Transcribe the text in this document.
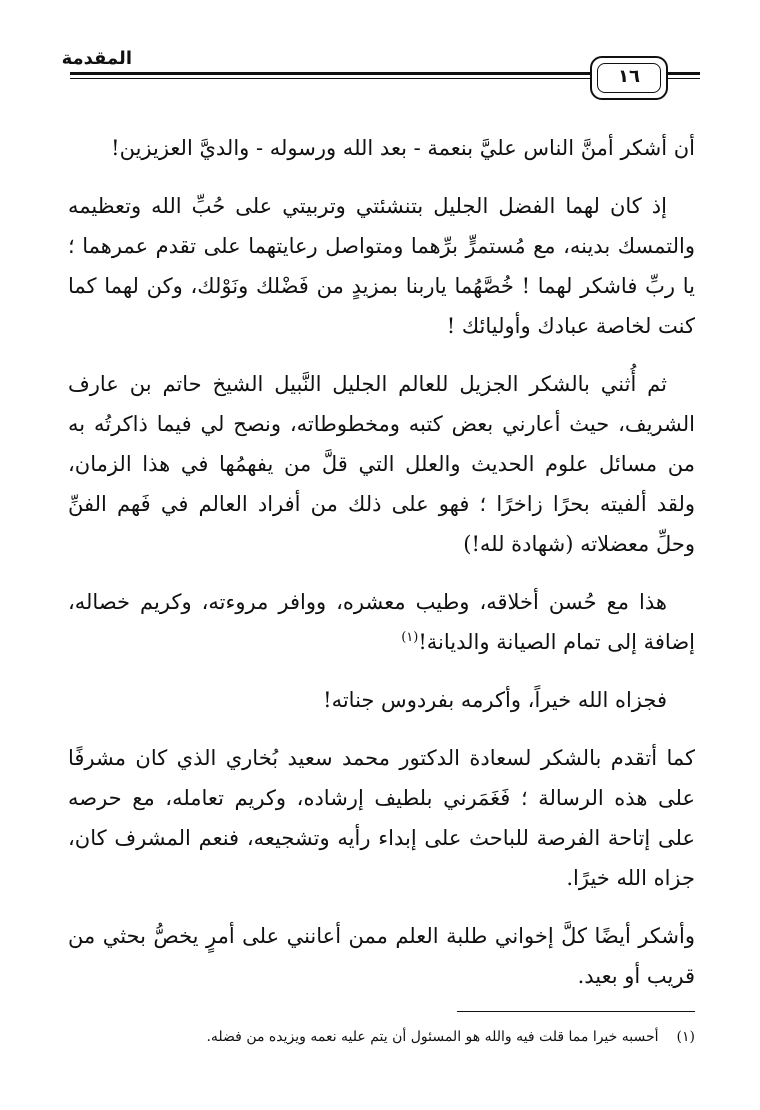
المقدمة
١٦

أن أشكر أمنَّ الناس عليَّ بنعمة - بعد الله ورسوله - والديَّ العزيزين!

إذ كان لهما الفضل الجليل بتنشئتي وتربيتي على حُبِّ الله وتعظيمه والتمسك بدينه، مع مُستمرٍّ برِّهما ومتواصل رعايتهما على تقدم عمرهما ؛ يا ربِّ فاشكر لهما ! خُصَّهُما ياربنا بمزيدٍ من فَضْلك ونَوْلك، وكن لهما كما كنت لخاصة عبادك وأوليائك !

ثم أُثني بالشكر الجزيل للعالم الجليل النَّبيل الشيخ حاتم بن عارف الشريف، حيث أعارني بعض كتبه ومخطوطاته، ونصح لي فيما ذاكرتُه به من مسائل علوم الحديث والعلل التي قلَّ من يفهمُها في هذا الزمان، ولقد ألفيته بحرًا زاخرًا ؛ فهو على ذلك من أفراد العالم في فَهم الفنِّ وحلِّ معضلاته (شهادة لله!)

هذا مع حُسن أخلاقه، وطيب معشره، ووافر مروءته، وكريم خصاله، إضافة إلى تمام الصيانة والديانة!$^{(١)}$

فجزاه الله خيراً، وأكرمه بفردوس جناته!

كما أتقدم بالشكر لسعادة الدكتور محمد سعيد بُخاري الذي كان مشرفًا على هذه الرسالة ؛ فَغَمَرني بلطيف إرشاده، وكريم تعامله، مع حرصه على إتاحة الفرصة للباحث على إبداء رأيه وتشجيعه، فنعم المشرف كان، جزاه الله خيرًا.

وأشكر أيضًا كلَّ إخواني طلبة العلم ممن أعانني على أمرٍ يخصُّ بحثي من قريب أو بعيد.

(١)أحسبه خيرا مما قلت فيه والله هو المسئول أن يتم عليه نعمه ويزيده من فضله.
